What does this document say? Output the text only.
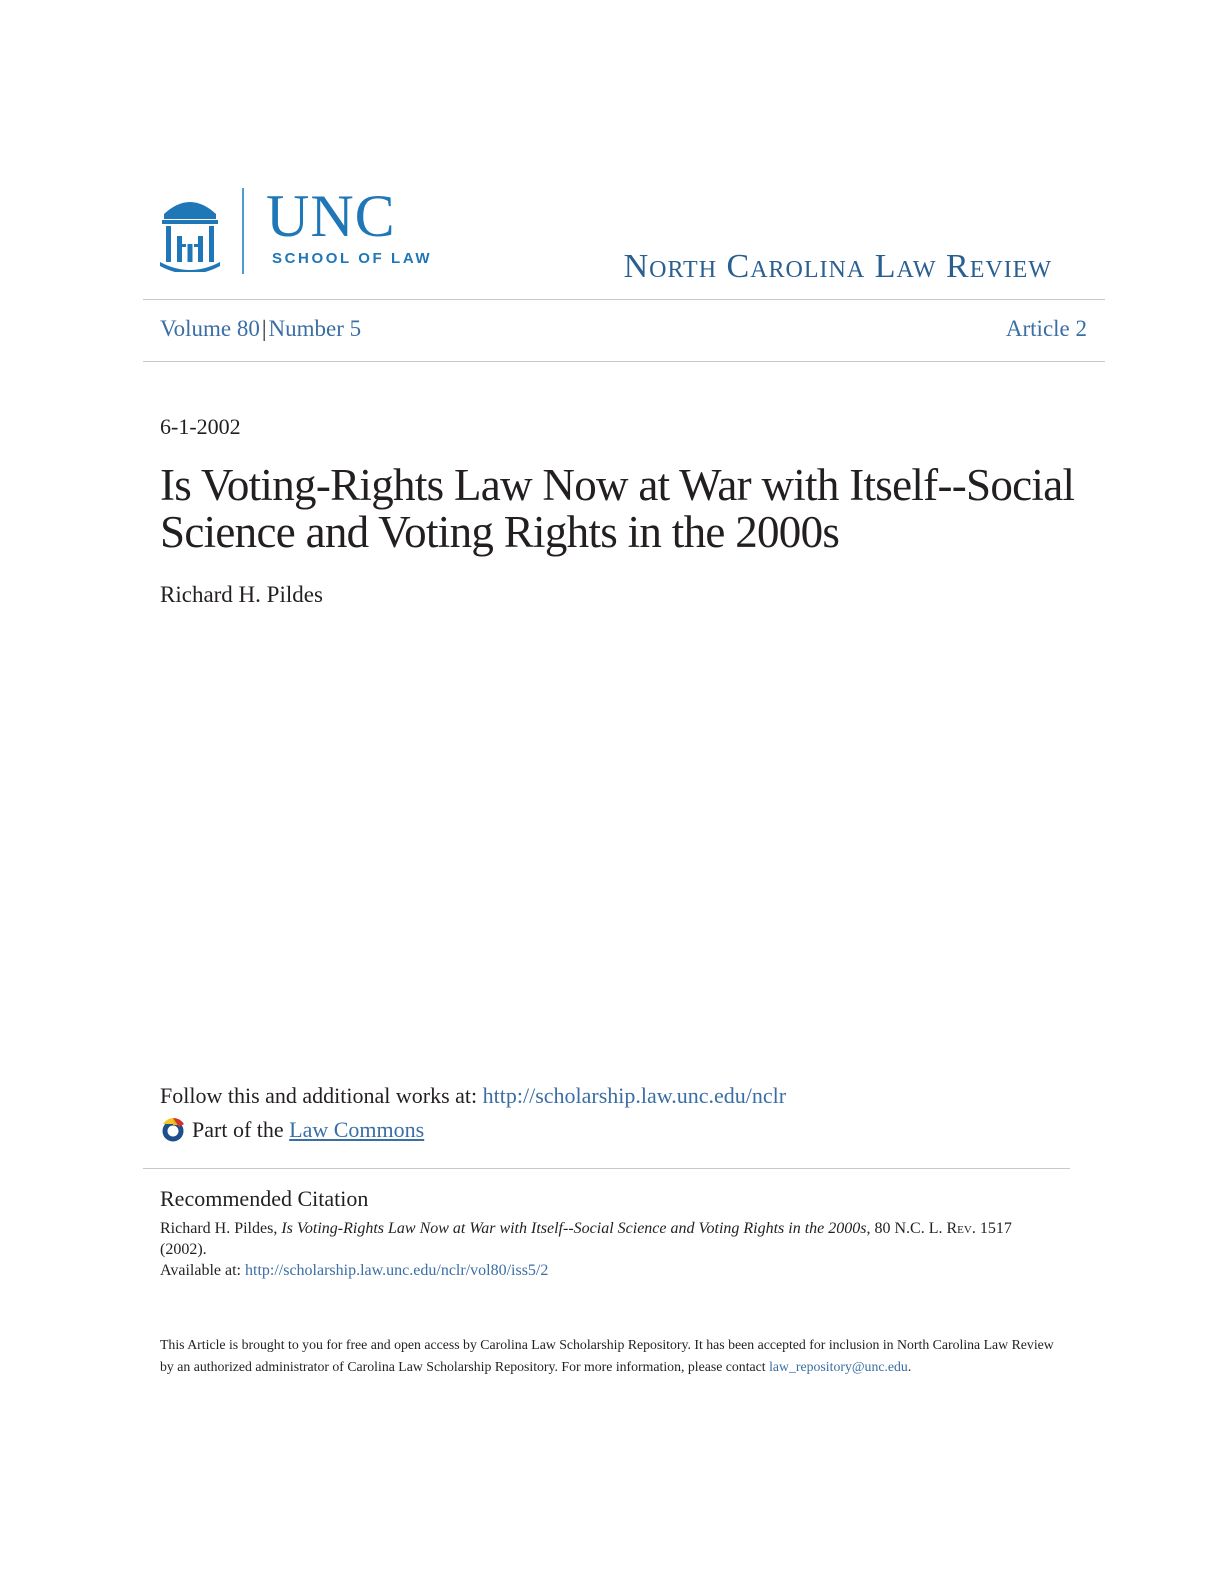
UNC
SCHOOL OF LAW	North Carolina Law Review
Volume 80|Number 5	Article 2
6-1-2002
Is Voting-Rights Law Now at War with Itself--Social Science and Voting Rights in the 2000s
Richard H. Pildes
Follow this and additional works at: http://scholarship.law.unc.edu/nclr
Part of the
Law Commons
Recommended Citation
Richard H. Pildes, Is Voting-Rights Law Now at War with Itself--Social Science and Voting Rights in the 2000s, 80 N.C. L. Rev. 1517
(2002).
Available at: http://scholarship.law.unc.edu/nclr/vol80/iss5/2
This Article is brought to you for free and open access by Carolina Law Scholarship Repository. It has been accepted for inclusion in North Carolina Law Review by an authorized administrator of Carolina Law Scholarship Repository. For more information, please contact law_repository@unc.edu.
